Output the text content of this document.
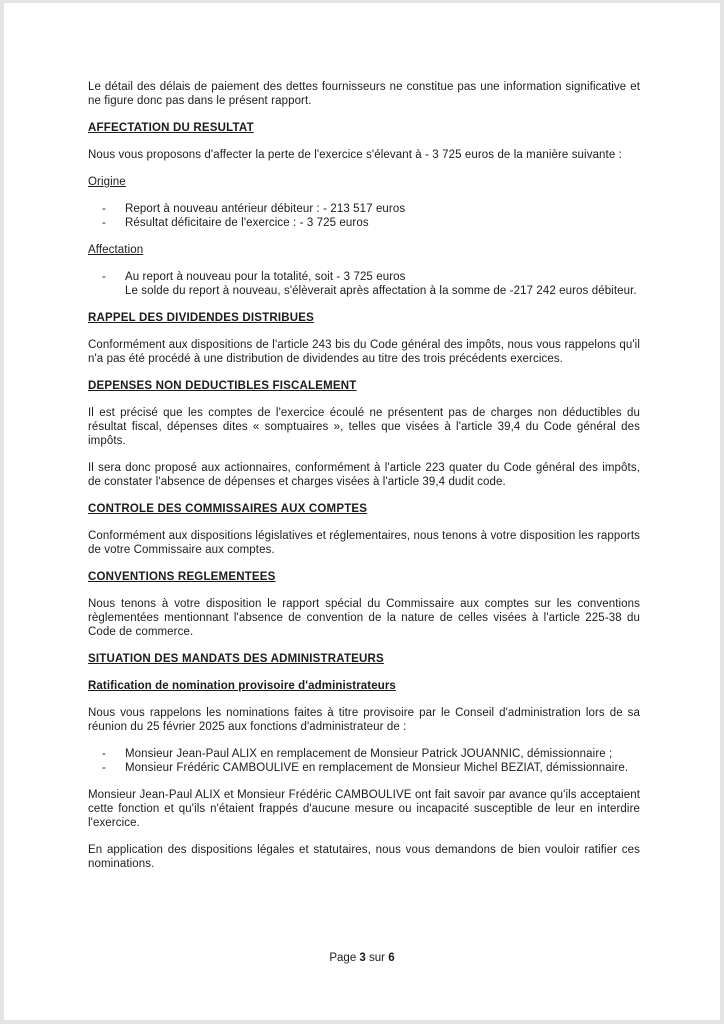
Le détail des délais de paiement des dettes fournisseurs ne constitue pas une information significative et ne figure donc pas dans le présent rapport.

AFFECTATION DU RESULTAT

Nous vous proposons d'affecter la perte de l'exercice s'élevant à - 3 725 euros de la manière suivante :

Origine
-	Report à nouveau antérieur débiteur : - 213 517 euros
-	Résultat déficitaire de l'exercice : - 3 725 euros
Affectation
-	Au report à nouveau pour la totalité, soit - 3 725 euros
Le solde du report à nouveau, s'élèverait après affectation à la somme de -217 242 euros débiteur.
RAPPEL DES DIVIDENDES DISTRIBUES

Conformément aux dispositions de l'article 243 bis du Code général des impôts, nous vous rappelons qu'il n'a pas été procédé à une distribution de dividendes au titre des trois précédents exercices.

DEPENSES NON DEDUCTIBLES FISCALEMENT

Il est précisé que les comptes de l'exercice écoulé ne présentent pas de charges non déductibles du résultat fiscal, dépenses dites « somptuaires », telles que visées à l'article 39,4 du Code général des impôts.

Il sera donc proposé aux actionnaires, conformément à l'article 223 quater du Code général des impôts, de constater l'absence de dépenses et charges visées à l'article 39,4 dudit code.

CONTROLE DES COMMISSAIRES AUX COMPTES

Conformément aux dispositions législatives et réglementaires, nous tenons à votre disposition les rapports de votre Commissaire aux comptes.

CONVENTIONS REGLEMENTEES

Nous tenons à votre disposition le rapport spécial du Commissaire aux comptes sur les conventions règlementées mentionnant l'absence de convention de la nature de celles visées à l'article 225-38 du Code de commerce.

SITUATION DES MANDATS DES ADMINISTRATEURS
Ratification de nomination provisoire d'administrateurs

Nous vous rappelons les nominations faites à titre provisoire par le Conseil d'administration lors de sa réunion du 25 février 2025 aux fonctions d'administrateur de :

-	Monsieur Jean-Paul ALIX en remplacement de Monsieur Patrick JOUANNIC, démissionnaire ;
-	Monsieur Frédéric CAMBOULIVE en remplacement de Monsieur Michel BEZIAT, démissionnaire.

Monsieur Jean-Paul ALIX et Monsieur Frédéric CAMBOULIVE ont fait savoir par avance qu'ils acceptaient cette fonction et qu'ils n'étaient frappés d'aucune mesure ou incapacité susceptible de leur en interdire l'exercice.

En application des dispositions légales et statutaires, nous vous demandons de bien vouloir ratifier ces nominations.

Page 3 sur 6
